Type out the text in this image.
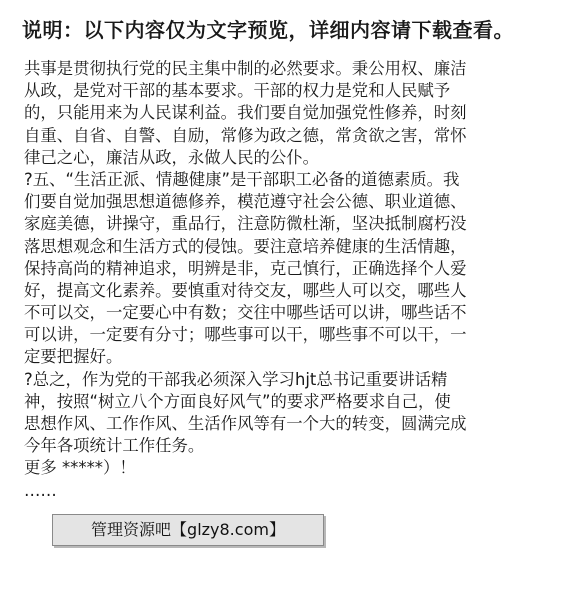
说明：以下内容仅为文字预览，详细内容请下载查看。
共事是贯彻执行党的民主集中制的必然要求。秉公用权、廉洁
从政，是党对干部的基本要求。干部的权力是党和人民赋予
的，只能用来为人民谋利益。我们要自觉加强党性修养，时刻
自重、自省、自警、自励，常修为政之德，常贪欲之害，常怀
律己之心，廉洁从政，永做人民的公仆。
?五、“生活正派、情趣健康”是干部职工必备的道德素质。我
们要自觉加强思想道德修养，模范遵守社会公德、职业道德、
家庭美德，讲操守，重品行，注意防微杜渐，坚决抵制腐朽没
落思想观念和生活方式的侵蚀。要注意培养健康的生活情趣，
保持高尚的精神追求，明辨是非，克己慎行，正确选择个人爱
好，提高文化素养。要慎重对待交友，哪些人可以交，哪些人
不可以交，一定要心中有数；交往中哪些话可以讲，哪些话不
可以讲，一定要有分寸；哪些事可以干，哪些事不可以干，一
定要把握好。
?总之，作为党的干部我必须深入学习hjt总书记重要讲话精
神，按照“树立八个方面良好风气”的要求严格要求自己，使
思想作风、工作作风、生活作风等有一个大的转变，圆满完成
今年各项统计工作任务。
更多 *****）！
……
管理资源吧【glzy8.com】
